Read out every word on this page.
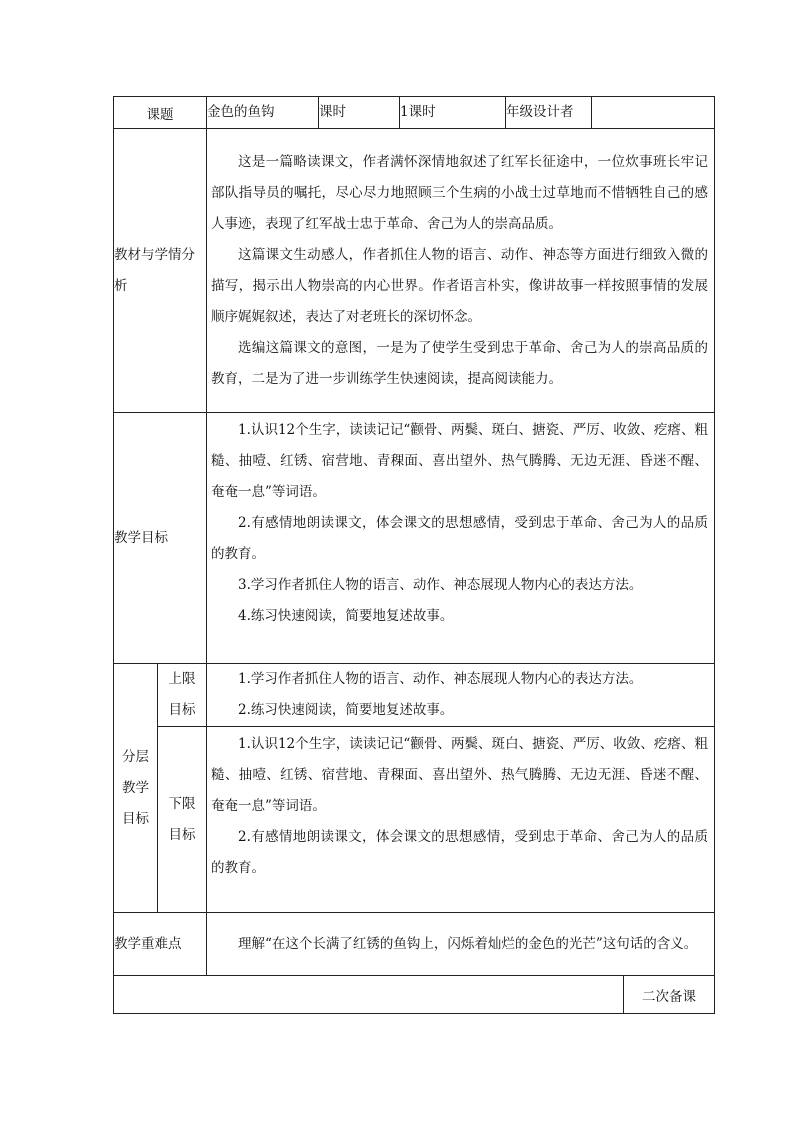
课题		金色的鱼钩	课时	1课时	年级设计者		
教材与学情分析		这是一篇略读课文，作者满怀深情地叙述了红军长征途中，一位炊事班长牢记部队指导员的嘱托，尽心尽力地照顾三个生病的小战士过草地而不惜牺牲自己的感人事迹，表现了红军战士忠于革命、舍己为人的崇高品质。
这篇课文生动感人，作者抓住人物的语言、动作、神态等方面进行细致入微的描写，揭示出人物崇高的内心世界。作者语言朴实，像讲故事一样按照事情的发展顺序娓娓叙述，表达了对老班长的深切怀念。
选编这篇课文的意图，一是为了使学生受到忠于革命、舍己为人的崇高品质的教育，二是为了进一步训练学生快速阅读，提高阅读能力。					

教学目标		1.认识12个生字，读读记记“颧骨、两鬓、斑白、搪瓷、严厉、收敛、疙瘩、粗糙、抽噎、红锈、宿营地、青稞面、喜出望外、热气腾腾、无边无涯、昏迷不醒、奄奄一息”等词语。
2.有感情地朗读课文，体会课文的思想感情，受到忠于革命、舍己为人的品质的教育。
3.学习作者抓住人物的语言、动作、神态展现人物内心的表达方法。
4.练习快速阅读，简要地复述故事。					

分层教学目标	上限目标	1.学习作者抓住人物的语言、动作、神态展现人物内心的表达方法。
2.练习快速阅读，简要地复述故事。					

	下限目标	1.认识12个生字，读读记记“颧骨、两鬓、斑白、搪瓷、严厉、收敛、疙瘩、粗糙、抽噎、红锈、宿营地、青稞面、喜出望外、热气腾腾、无边无涯、昏迷不醒、奄奄一息”等词语。
2.有感情地朗读课文，体会课文的思想感情，受到忠于革命、舍己为人的品质的教育。					

教学重难点		理解“在这个长满了红锈的鱼钩上，闪烁着灿烂的金色的光芒”这句话的含义。					

							二次备课
